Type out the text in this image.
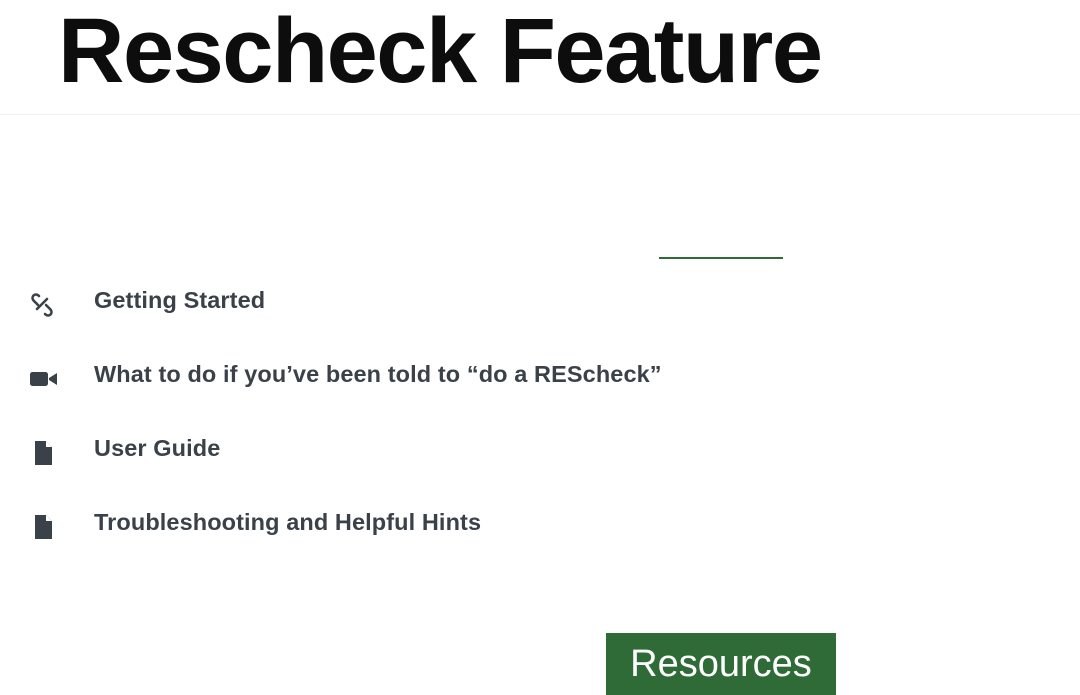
Rescheck Feature
Getting Started
What to do if you’ve been told to “do a REScheck”
User Guide
Troubleshooting and Helpful Hints
Resources
